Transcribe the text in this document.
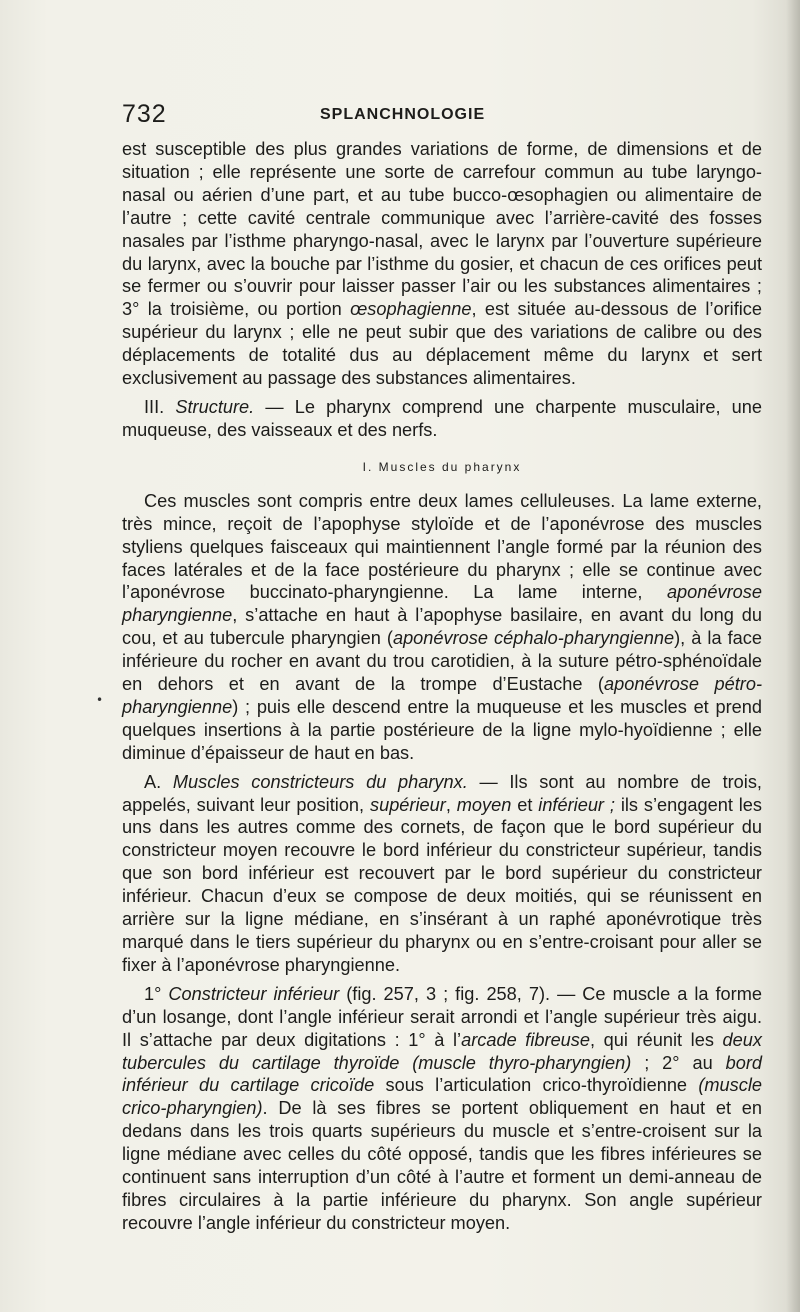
732	SPLANCHNOLOGIE
•

est susceptible des plus grandes variations de forme, de dimensions et de situation ; elle représente une sorte de carrefour commun au tube laryngo-nasal ou aérien d’une part, et au tube bucco-œsophagien ou alimentaire de l’autre ; cette cavité centrale communique avec l’arrière-cavité des fosses nasales par l’isthme pharyngo-nasal, avec le larynx par l’ouverture supérieure du larynx, avec la bouche par l’isthme du gosier, et chacun de ces orifices peut se fermer ou s’ouvrir pour laisser passer l’air ou les substances alimentaires ; 3° la troisième, ou portion œsophagienne, est située au-dessous de l’orifice supérieur du larynx ; elle ne peut subir que des variations de calibre ou des déplacements de totalité dus au déplacement même du larynx et sert exclusivement au passage des substances alimentaires.

III. Structure. — Le pharynx comprend une charpente musculaire, une muqueuse, des vaisseaux et des nerfs.

I. Muscles du pharynx

Ces muscles sont compris entre deux lames celluleuses. La lame externe, très mince, reçoit de l’apophyse styloïde et de l’aponévrose des muscles styliens quelques faisceaux qui maintiennent l’angle formé par la réunion des faces latérales et de la face postérieure du pharynx ; elle se continue avec l’aponévrose buccinato-pharyngienne. La lame interne, aponévrose pharyngienne, s’attache en haut à l’apophyse basilaire, en avant du long du cou, et au tubercule pharyngien (aponévrose céphalo-pharyngienne), à la face inférieure du rocher en avant du trou carotidien, à la suture pétro-sphénoïdale en dehors et en avant de la trompe d’Eustache (aponévrose pétro-pharyngienne) ; puis elle descend entre la muqueuse et les muscles et prend quelques insertions à la partie postérieure de la ligne mylo-hyoïdienne ; elle diminue d’épaisseur de haut en bas.

A. Muscles constricteurs du pharynx. — Ils sont au nombre de trois, appelés, suivant leur position, supérieur, moyen et inférieur ; ils s’engagent les uns dans les autres comme des cornets, de façon que le bord supérieur du constricteur moyen recouvre le bord inférieur du constricteur supérieur, tandis que son bord inférieur est recouvert par le bord supérieur du constricteur inférieur. Chacun d’eux se compose de deux moitiés, qui se réunissent en arrière sur la ligne médiane, en s’insérant à un raphé aponévrotique très marqué dans le tiers supérieur du pharynx ou en s’entre-croisant pour aller se fixer à l’aponévrose pharyngienne.

1° Constricteur inférieur (fig. 257, 3 ; fig. 258, 7). — Ce muscle a la forme d’un losange, dont l’angle inférieur serait arrondi et l’angle supérieur très aigu. Il s’attache par deux digitations : 1° à l’arcade fibreuse, qui réunit les deux tubercules du cartilage thyroïde (muscle thyro-pharyngien) ; 2° au bord inférieur du cartilage cricoïde sous l’articulation crico-thyroïdienne (muscle crico-pharyngien). De là ses fibres se portent obliquement en haut et en dedans dans les trois quarts supérieurs du muscle et s’entre-croisent sur la ligne médiane avec celles du côté opposé, tandis que les fibres inférieures se continuent sans interruption d’un côté à l’autre et forment un demi-anneau de fibres circulaires à la partie inférieure du pharynx. Son angle supérieur recouvre l’angle inférieur du constricteur moyen.
